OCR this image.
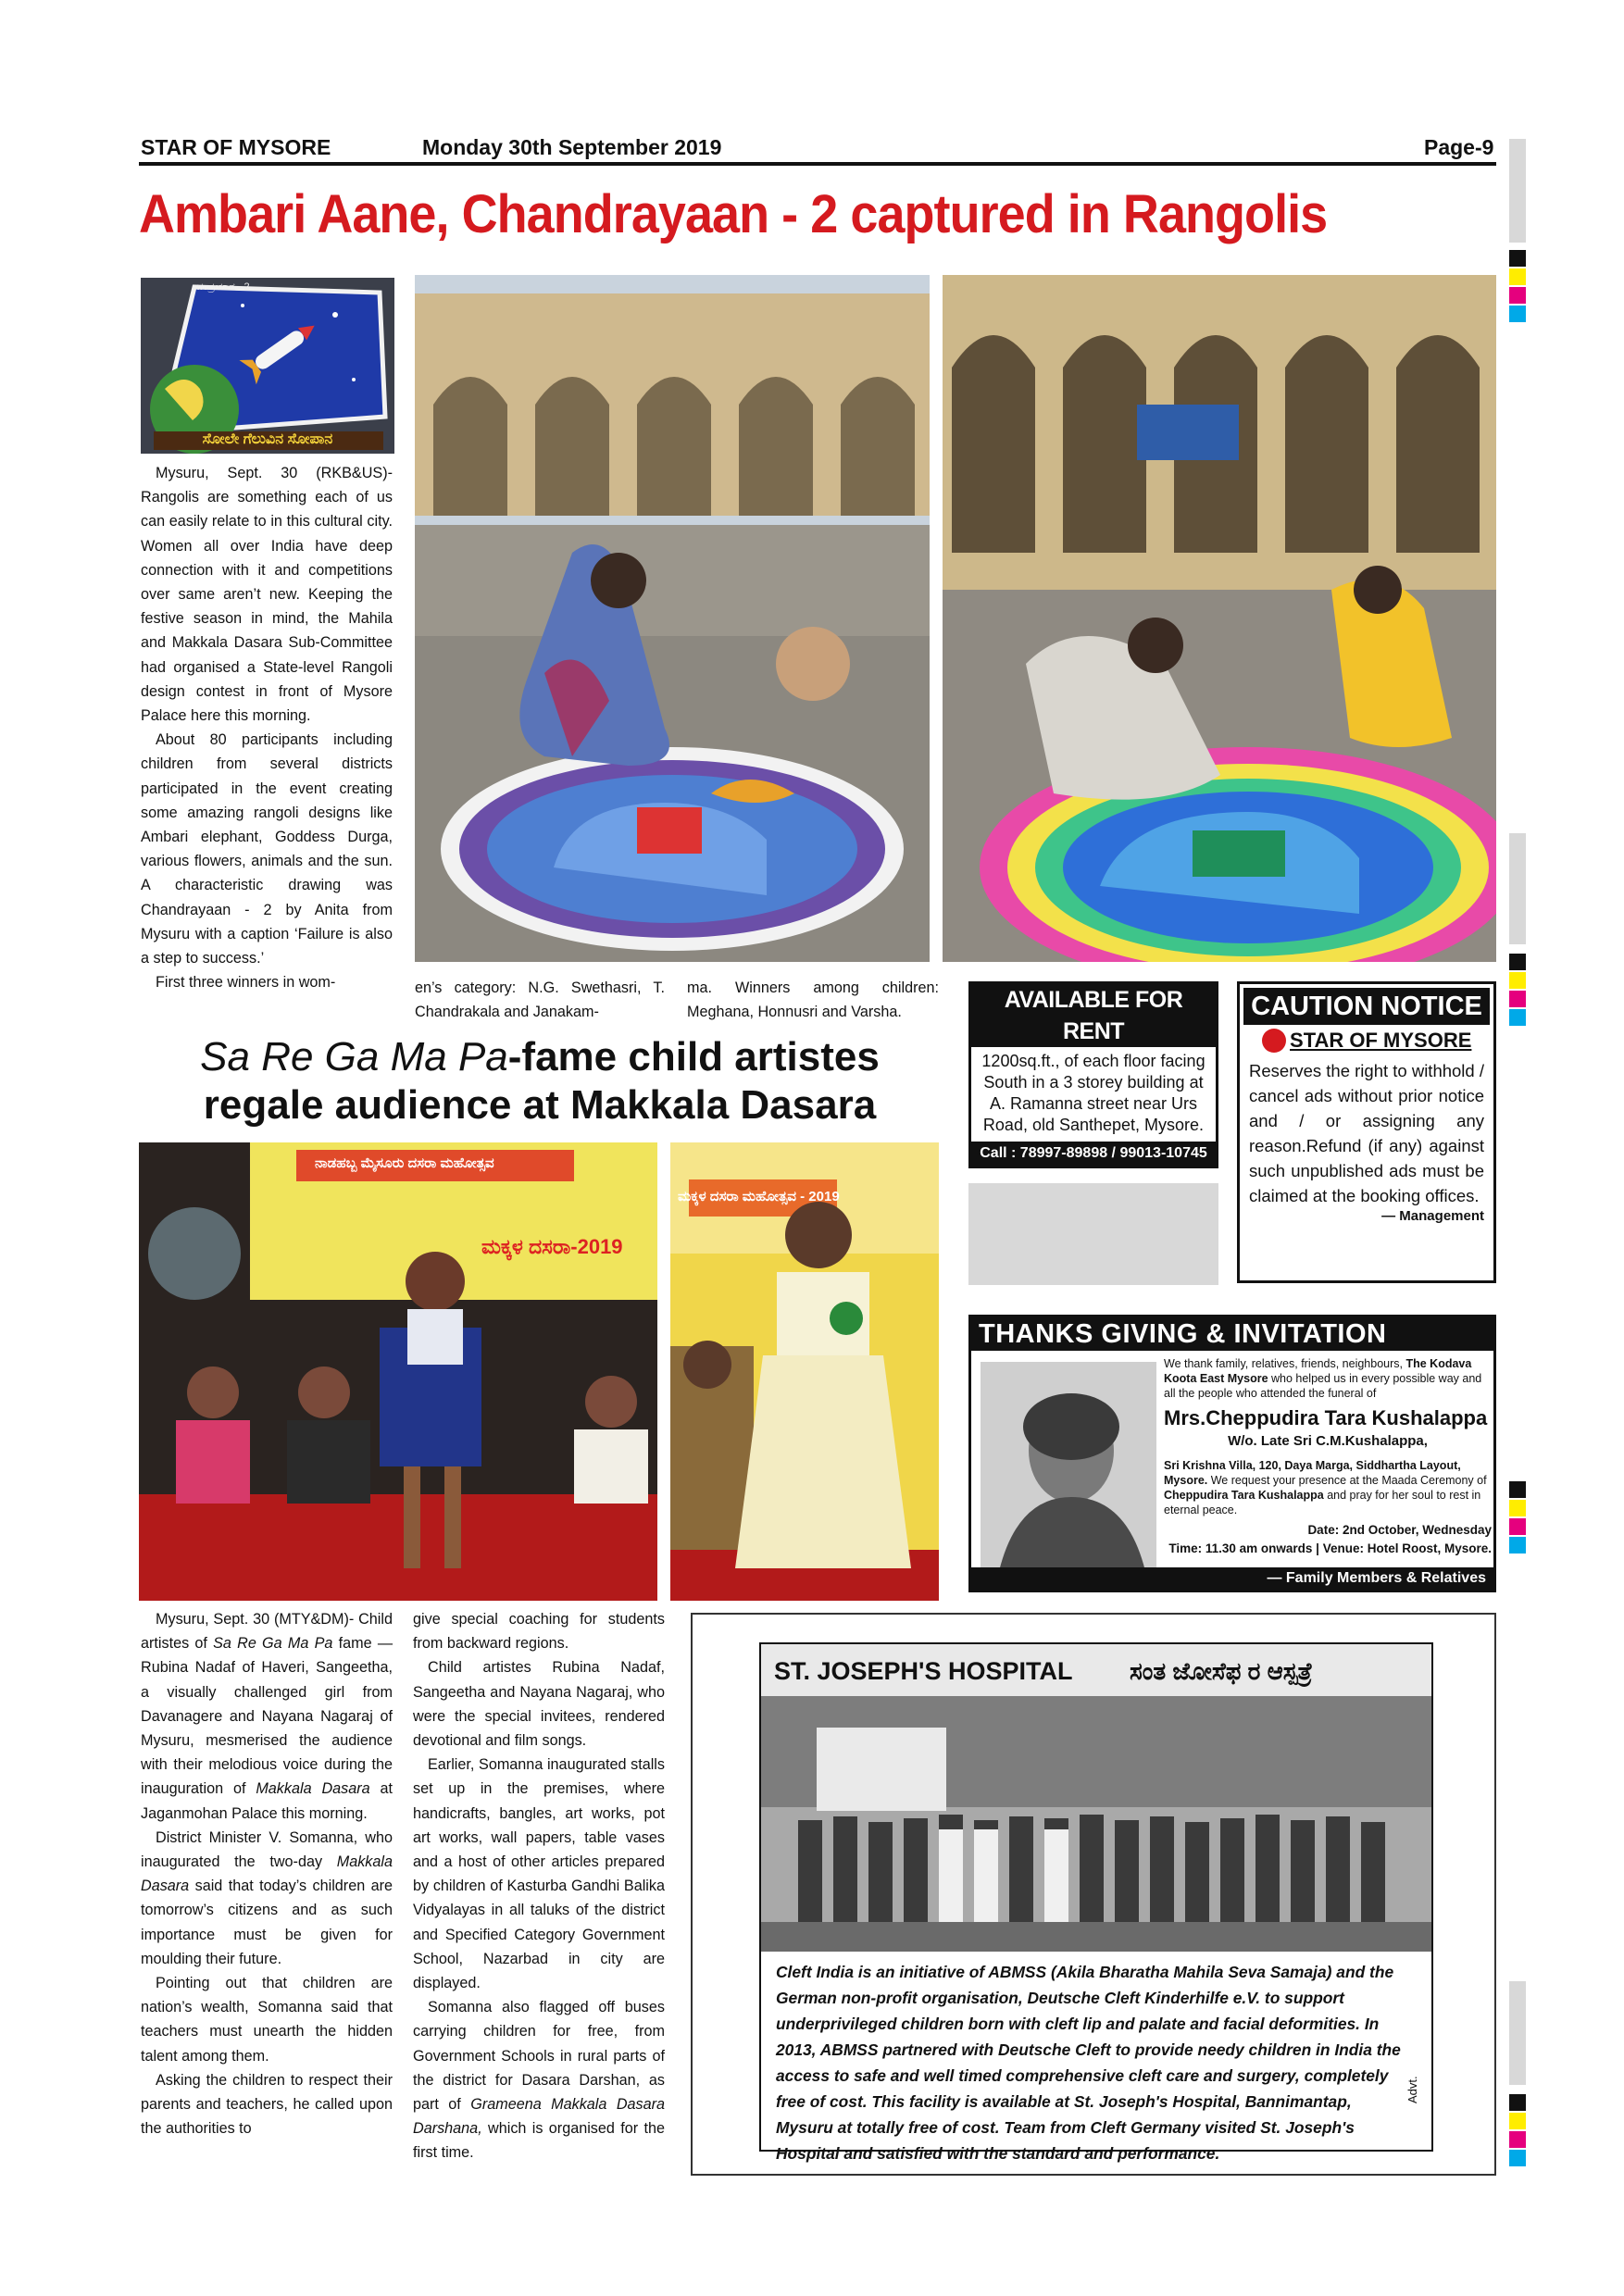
STAR OF MYSORE	Monday 30th September 2019	Page-9
Ambari Aane, Chandrayaan - 2 captured in Rangolis
ಚಂದ್ರಯಾನ - 2
ಸೋಲೇ ಗೆಲುವಿನ ಸೋಪಾನ

Mysuru, Sept. 30 (RKB&US)- Rangolis are something each of us can easily relate to in this cultural city. Women all over India have deep connection with it and competitions over same aren’t new. Keeping the festive season in mind, the Mahila and Makkala Dasara Sub-Committee had organised a State-level Rangoli design contest in front of Mysore Palace here this morning.

About 80 participants including children from several districts participated in the event creating some amazing rangoli designs like Ambari elephant, Goddess Durga, various flowers, animals and the sun. A characteristic drawing was Chandrayaan - 2 by Anita from Mysuru with a caption ‘Failure is also a step to success.’

First three winners in wom-	en’s category: N.G. Swethasri, T. Chandrakala and Janakam-

ma. Winners among children: Meghana, Honnusri and Varsha.

Sa Re Ga Ma Pa-fame child artistes
regale audience at Makkala Dasara
ನಾಡಹಬ್ಬ ಮೈಸೂರು ದಸರಾ ಮಹೋತ್ಸವ
ಮಕ್ಕಳ ದಸರಾ-2019
ಮಕ್ಕಳ ದಸರಾ ಮಹೋತ್ಸವ - 2019

Mysuru, Sept. 30 (MTY&DM)- Child artistes of Sa Re Ga Ma Pa fame — Rubina Nadaf of Haveri, Sangeetha, a visually challenged girl from Davanagere and Nayana Nagaraj of Mysuru, mesmerised the audience with their melodious voice during the inauguration of Makkala Dasara at Jaganmohan Palace this morning.

District Minister V. Somanna, who inaugurated the two-day Makkala Dasara said that today’s children are tomorrow’s citizens and as such importance must be given for moulding their future.

Pointing out that children are nation’s wealth, Somanna said that teachers must unearth the hidden talent among them.

Asking the children to respect their parents and teachers, he called upon the authorities to

give special coaching for students from backward regions.

Child artistes Rubina Nadaf, Sangeetha and Nayana Nagaraj, who were the special invitees, rendered devotional and film songs.

Earlier, Somanna inaugurated stalls set up in the premises, where handicrafts, bangles, art works, pot art works, wall papers, table vases and a host of other articles prepared by children of Kasturba Gandhi Balika Vidyalayas in all taluks of the district and Specified Category Government School, Nazarbad in city are displayed.

Somanna also flagged off buses carrying children for free, from Government Schools in rural parts of the district for Dasara Darshan, as part of Grameena Makkala Dasara Darshana, which is organised for the first time.

AVAILABLE FOR RENT
1200sq.ft., of each floor facing South in a 3 storey building at A. Ramanna street near Urs Road, old Santhepet, Mysore.
Call : 78997-89898 / 99013-10745
CAUTION NOTICE
STAR OF MYSORE
Reserves the right to withhold / cancel ads without prior notice and / or assigning any reason.Refund (if any) against such unpublished ads must be claimed at the booking offices.
— Management
THANKS GIVING & INVITATION
We thank family, relatives, friends, neighbours, The Kodava Koota East Mysore who helped us in every possible way and all the people who attended the funeral of
Mrs.Cheppudira Tara Kushalappa
W/o. Late Sri C.M.Kushalappa,
Sri Krishna Villa, 120, Daya Marga, Siddhartha Layout, Mysore. We request your presence at the Maada Ceremony of Cheppudira Tara Kushalappa and pray for her soul to rest in eternal peace.
Date: 2nd October, Wednesday
Time: 11.30 am onwards | Venue: Hotel Roost, Mysore.
— Family Members & Relatives
ST. JOSEPH'S HOSPITAL ಸಂತ ಜೋಸೆಫ ರ ಆಸ್ಪತ್ರೆ
Cleft India is an initiative of ABMSS (Akila Bharatha Mahila Seva Samaja) and the German non-profit organisation, Deutsche Cleft Kinderhilfe e.V. to support underprivileged children born with cleft lip and palate and facial deformities. In 2013, ABMSS partnered with Deutsche Cleft to provide needy children in India the access to safe and well timed comprehensive cleft care and surgery, completely free of cost. This facility is available at St. Joseph's Hospital, Bannimantap, Mysuru at totally free of cost. Team from Cleft Germany visited St. Joseph's Hospital and satisfied with the standard and performance.
Advt.
